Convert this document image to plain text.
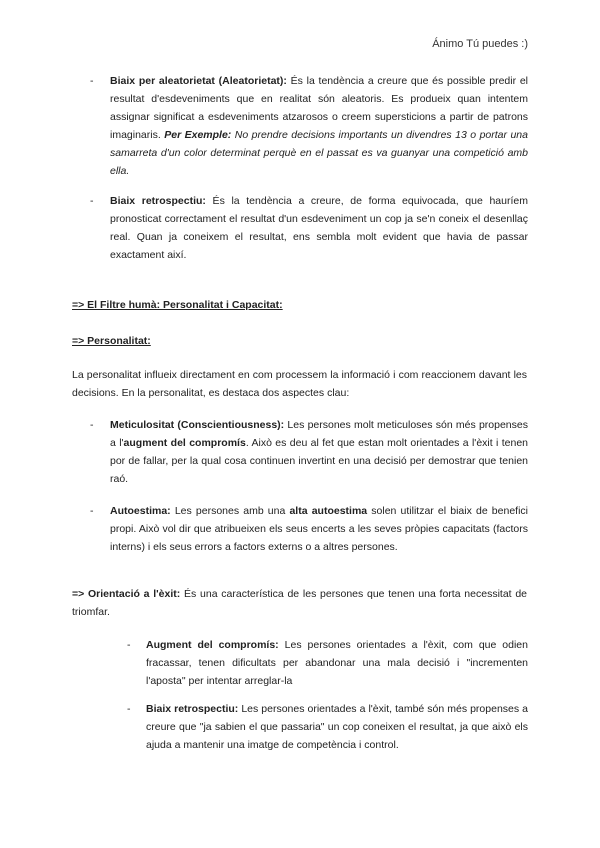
Ánimo Tú puedes :)
-	Biaix per aleatorietat (Aleatorietat): És la tendència a creure que és possible predir el resultat d'esdeveniments que en realitat són aleatoris. Es produeix quan intentem assignar significat a esdeveniments atzarosos o creem supersticions a partir de patrons imaginaris. Per Exemple: No prendre decisions importants un divendres 13 o portar una samarreta d'un color determinat perquè en el passat es va guanyar una competició amb ella.
-	Biaix retrospectiu: És la tendència a creure, de forma equivocada, que hauríem pronosticat correctament el resultat d'un esdeveniment un cop ja se'n coneix el desenllaç real. Quan ja coneixem el resultat, ens sembla molt evident que havia de passar exactament així.
=> El Filtre humà: Personalitat i Capacitat:
=> Personalitat:
La personalitat influeix directament en com processem la informació i com reaccionem davant les decisions. En la personalitat, es destaca dos aspectes clau:
-	Meticulositat (Conscientiousness): Les persones molt meticuloses són més propenses a l'augment del compromís. Això es deu al fet que estan molt orientades a l'èxit i tenen por de fallar, per la qual cosa continuen invertint en una decisió per demostrar que tenien raó.
-	Autoestima: Les persones amb una alta autoestima solen utilitzar el biaix de benefici propi. Això vol dir que atribueixen els seus encerts a les seves pròpies capacitats (factors interns) i els seus errors a factors externs o a altres persones.
=> Orientació a l'èxit: És una característica de les persones que tenen una forta necessitat de triomfar.
-	Augment del compromís: Les persones orientades a l'èxit, com que odien fracassar, tenen dificultats per abandonar una mala decisió i "incrementen l'aposta" per intentar arreglar-la
-	Biaix retrospectiu: Les persones orientades a l'èxit, també són més propenses a creure que "ja sabien el que passaria" un cop coneixen el resultat, ja que això els ajuda a mantenir una imatge de competència i control.
